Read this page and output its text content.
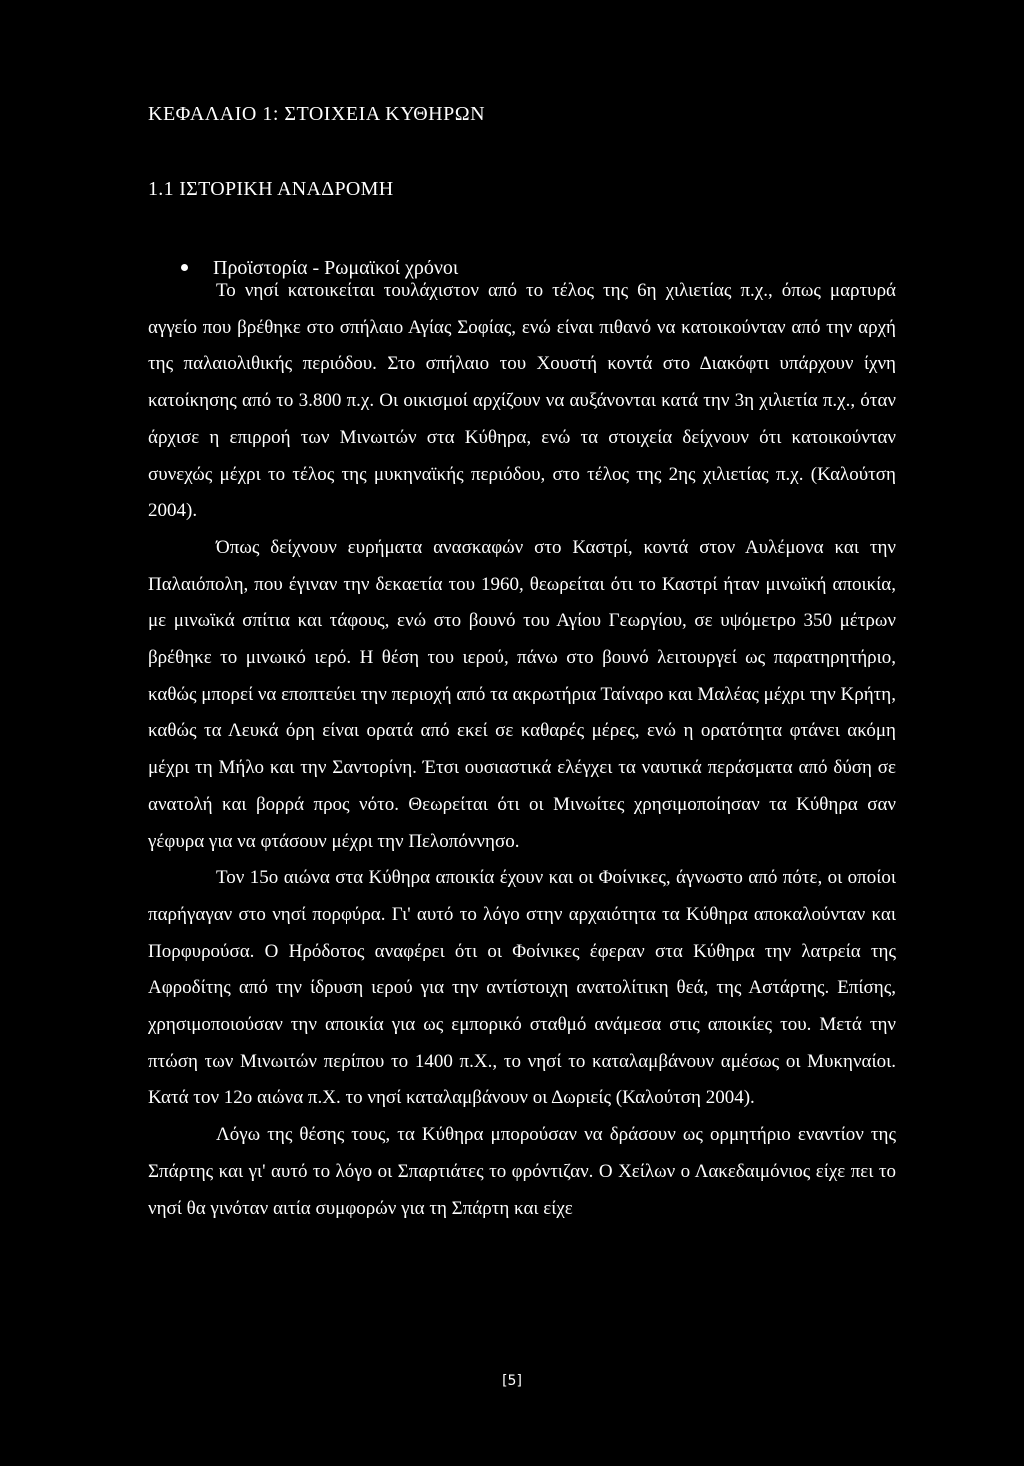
ΚΕΦΑΛΑΙΟ 1: ΣΤΟΙΧΕΙΑ ΚΥΘΗΡΩΝ
1.1 ΙΣΤΟΡΙΚΗ ΑΝΑΔΡΟΜΗ
Προϊστορία - Ρωμαϊκοί χρόνοι

Το νησί κατοικείται τουλάχιστον από το τέλος της 6η χιλιετίας π.χ., όπως μαρτυρά αγγείο που βρέθηκε στο σπήλαιο Αγίας Σοφίας, ενώ είναι πιθανό να κατοικούνταν από την αρχή της παλαιολιθικής περιόδου. Στο σπήλαιο του Χουστή κοντά στο Διακόφτι υπάρχουν ίχνη κατοίκησης από το 3.800 π.χ. Οι οικισμοί αρχίζουν να αυξάνονται κατά την 3η χιλιετία π.χ., όταν άρχισε η επιρροή των Μινωιτών στα Κύθηρα, ενώ τα στοιχεία δείχνουν ότι κατοικούνταν συνεχώς μέχρι το τέλος της μυκηναϊκής περιόδου, στο τέλος της 2ης χιλιετίας π.χ. (Καλούτση 2004).

Όπως δείχνουν ευρήματα ανασκαφών στο Καστρί, κοντά στον Αυλέμονα και την Παλαιόπολη, που έγιναν την δεκαετία του 1960, θεωρείται ότι το Καστρί ήταν μινωϊκή αποικία, με μινωϊκά σπίτια και τάφους, ενώ στο βουνό του Αγίου Γεωργίου, σε υψόμετρο 350 μέτρων βρέθηκε το μινωικό ιερό. Η θέση του ιερού, πάνω στο βουνό λειτουργεί ως παρατηρητήριο, καθώς μπορεί να εποπτεύει την περιοχή από τα ακρωτήρια Ταίναρο και Μαλέας μέχρι την Κρήτη, καθώς τα Λευκά όρη είναι ορατά από εκεί σε καθαρές μέρες, ενώ η ορατότητα φτάνει ακόμη μέχρι τη Μήλο και την Σαντορίνη. Έτσι ουσιαστικά ελέγχει τα ναυτικά περάσματα από δύση σε ανατολή και βορρά προς νότο. Θεωρείται ότι οι Μινωίτες χρησιμοποίησαν τα Κύθηρα σαν γέφυρα για να φτάσουν μέχρι την Πελοπόννησο.

Τον 15ο αιώνα στα Κύθηρα αποικία έχουν και οι Φοίνικες, άγνωστο από πότε, οι οποίοι παρήγαγαν στο νησί πορφύρα. Γι' αυτό το λόγο στην αρχαιότητα τα Κύθηρα αποκαλούνταν και Πορφυρούσα. Ο Ηρόδοτος αναφέρει ότι οι Φοίνικες έφεραν στα Κύθηρα την λατρεία της Αφροδίτης από την ίδρυση ιερού για την αντίστοιχη ανατολίτικη θεά, της Αστάρτης. Επίσης, χρησιμοποιούσαν την αποικία για ως εμπορικό σταθμό ανάμεσα στις αποικίες του. Μετά την πτώση των Μινωιτών περίπου το 1400 π.Χ., το νησί το καταλαμβάνουν αμέσως οι Μυκηναίοι. Κατά τον 12ο αιώνα π.Χ. το νησί καταλαμβάνουν οι Δωριείς (Καλούτση 2004).

Λόγω της θέσης τους, τα Κύθηρα μπορούσαν να δράσουν ως ορμητήριο εναντίον της Σπάρτης και γι' αυτό το λόγο οι Σπαρτιάτες το φρόντιζαν. Ο Χείλων ο Λακεδαιμόνιος είχε πει το νησί θα γινόταν αιτία συμφορών για τη Σπάρτη και είχε

[5]
